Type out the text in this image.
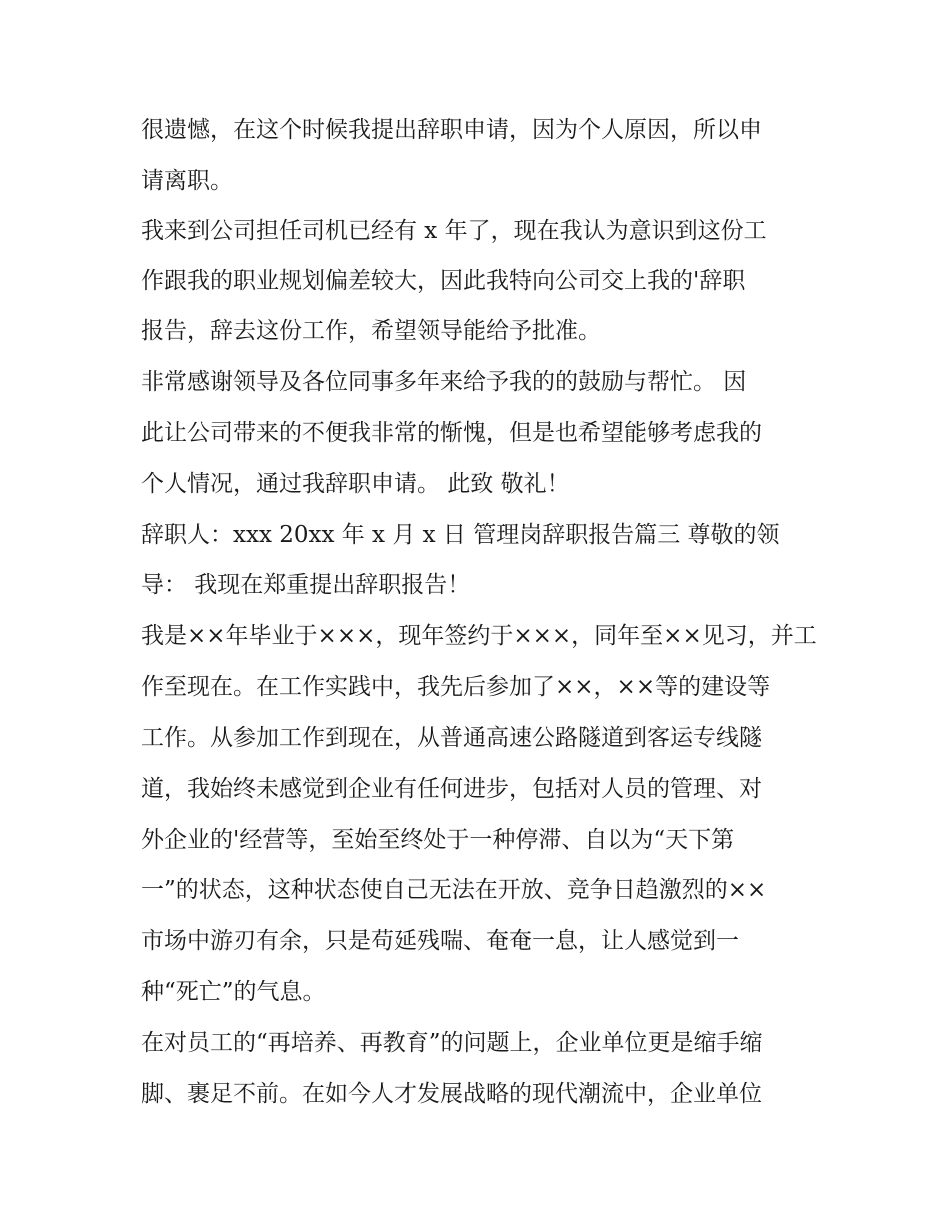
很遗憾，在这个时候我提出辞职申请，因为个人原因，所以申
请离职。
我来到公司担任司机已经有 x 年了，现在我认为意识到这份工
作跟我的职业规划偏差较大，因此我特向公司交上我的'辞职
报告，辞去这份工作，希望领导能给予批准。
非常感谢领导及各位同事多年来给予我的的鼓励与帮忙。 因
此让公司带来的不便我非常的惭愧，但是也希望能够考虑我的
个人情况，通过我辞职申请。 此致 敬礼！
辞职人：xxx 20xx 年 x 月 x 日 管理岗辞职报告篇三 尊敬的领
导： 我现在郑重提出辞职报告！
我是××年毕业于×××，现年签约于×××，同年至××见习，并工
作至现在。在工作实践中，我先后参加了××，××等的建设等
工作。从参加工作到现在，从普通高速公路隧道到客运专线隧
道，我始终未感觉到企业有任何进步，包括对人员的管理、对
外企业的'经营等，至始至终处于一种停滞、自以为“天下第
一”的状态，这种状态使自己无法在开放、竞争日趋激烈的××
市场中游刃有余，只是苟延残喘、奄奄一息，让人感觉到一
种“死亡”的气息。
在对员工的“再培养、再教育”的问题上，企业单位更是缩手缩
脚、裹足不前。在如今人才发展战略的现代潮流中，企业单位
